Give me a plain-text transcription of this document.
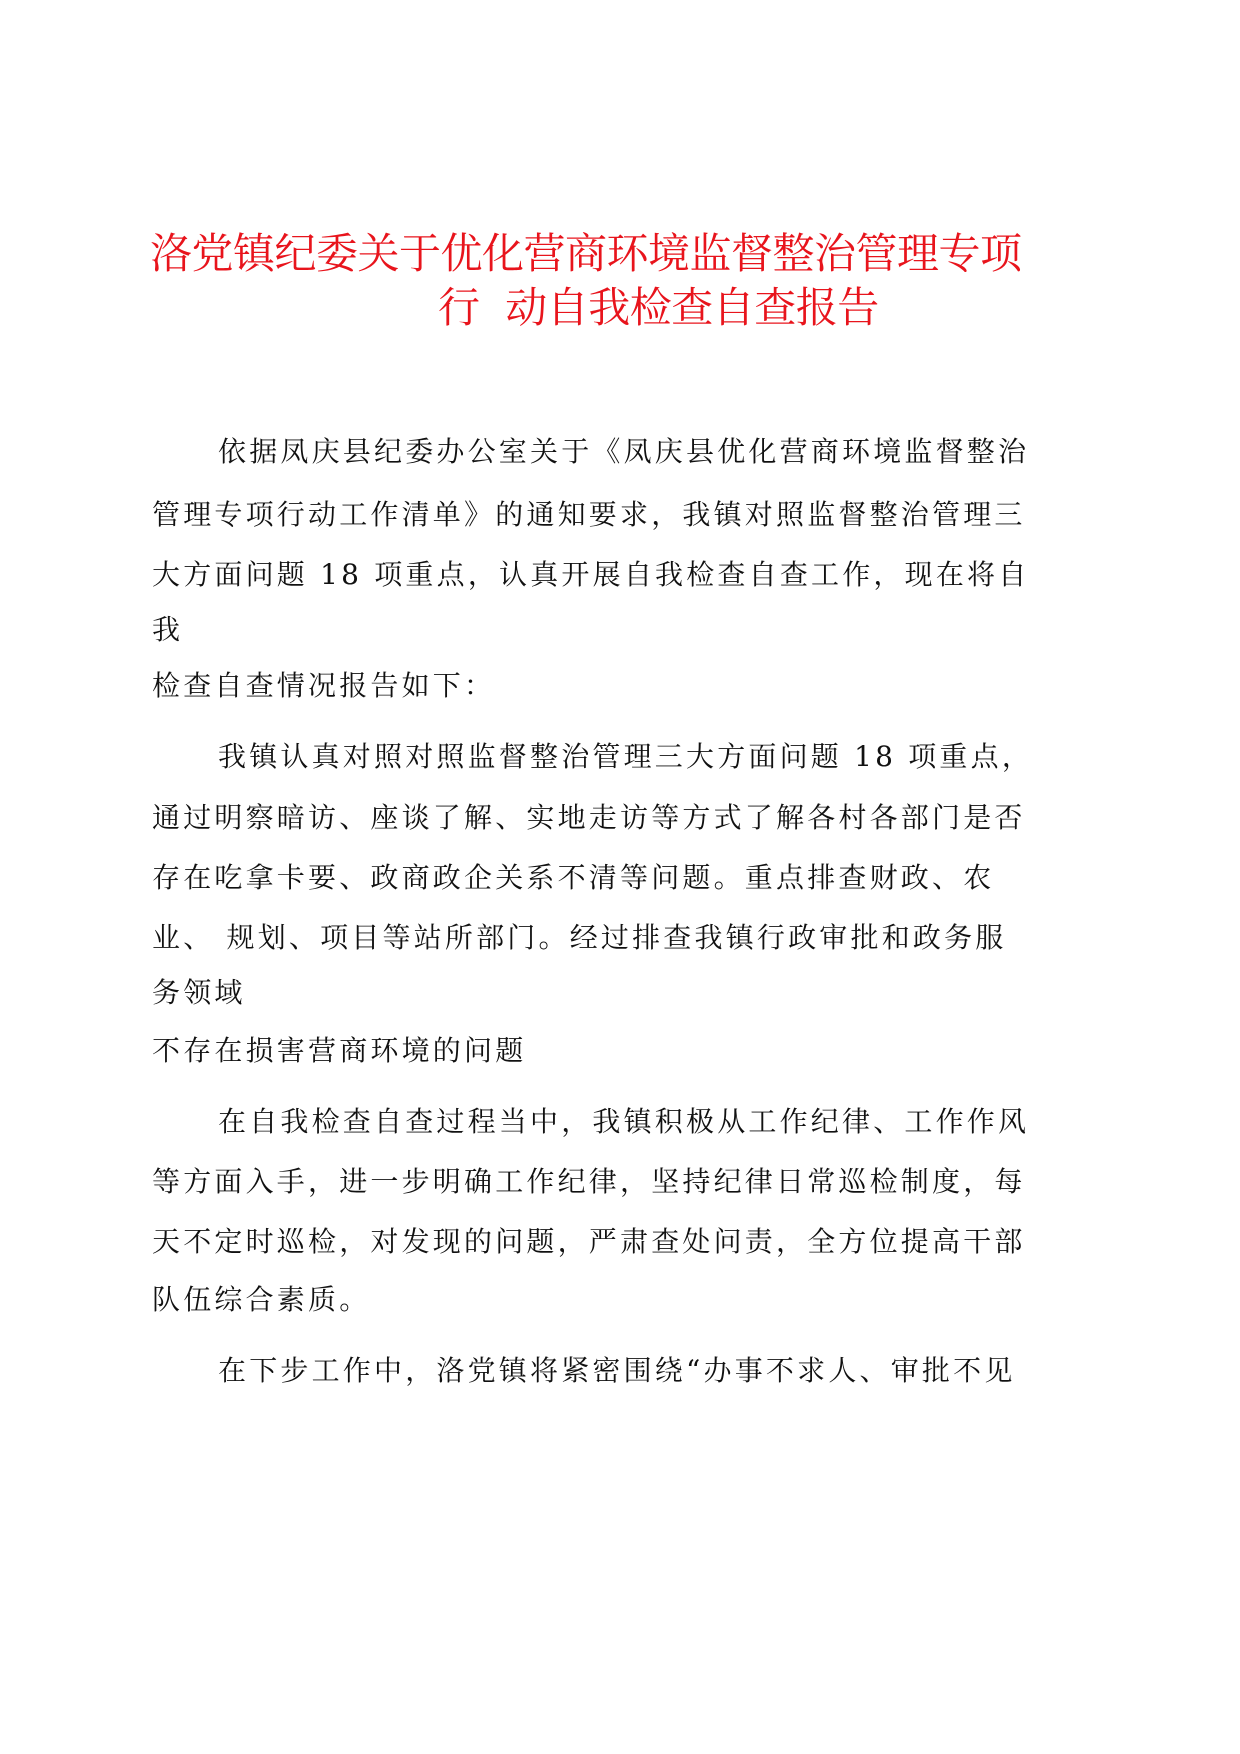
洛党镇纪委关于优化营商环境监督整治管理专项
行  动自我检查自查报告
依据凤庆县纪委办公室关于《凤庆县优化营商环境监督整治
管理专项行动工作清单》的通知要求，我镇对照监督整治管理三
大方面问题 18 项重点，认真开展自我检查自查工作，现在将自
我
检查自查情况报告如下：
我镇认真对照对照监督整治管理三大方面问题 18 项重点，
通过明察暗访、座谈了解、实地走访等方式了解各村各部门是否
存在吃拿卡要、政商政企关系不清等问题。重点排查财政、农
业、 规划、项目等站所部门。经过排查我镇行政审批和政务服
务领域
不存在损害营商环境的问题
在自我检查自查过程当中，我镇积极从工作纪律、工作作风
等方面入手，进一步明确工作纪律，坚持纪律日常巡检制度，每
天不定时巡检，对发现的问题，严肃查处问责，全方位提高干部
队伍综合素质。
在下步工作中，洛党镇将紧密围绕“办事不求人、审批不见
